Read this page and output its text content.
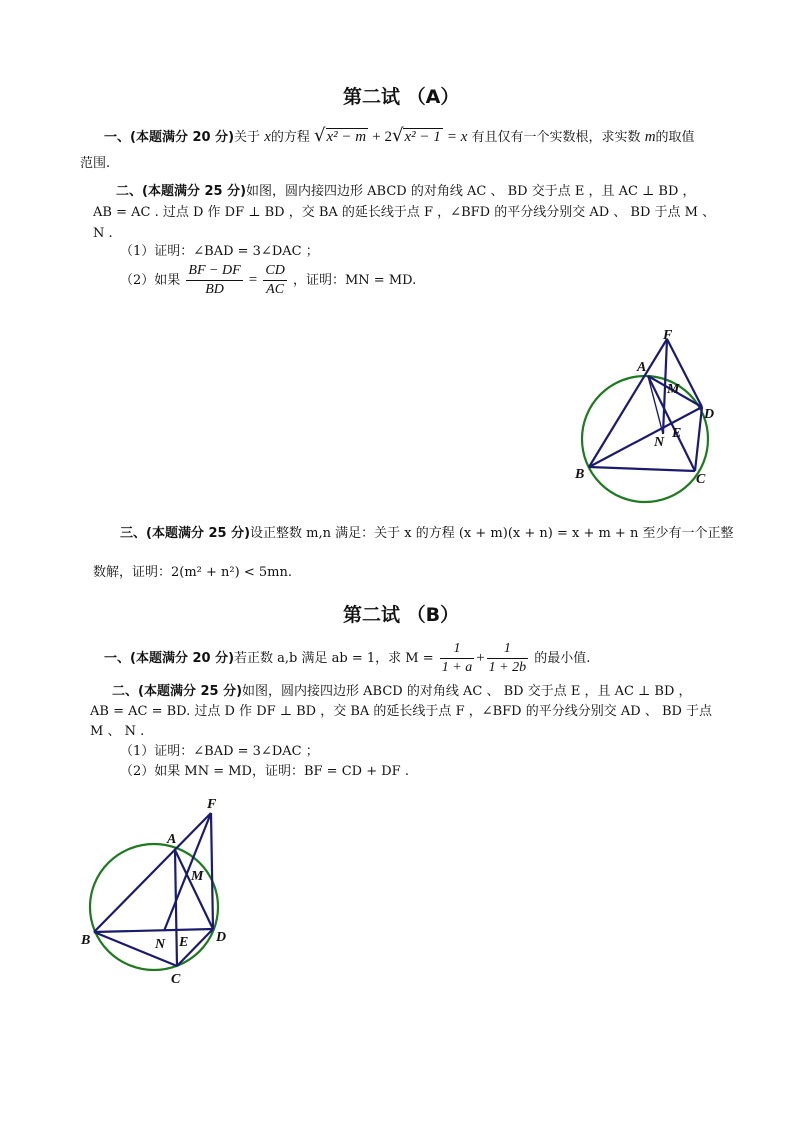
第二试 （A）
一、(本题满分 20 分)关于 x的方程 √x² − m + 2√x² − 1 = x 有且仅有一个实数根，求实数 m的取值
范围.
二、(本题满分 25 分)如图，圆内接四边形 ABCD 的对角线 AC 、 BD 交于点 E ，且 AC ⊥ BD ，
AB = AC . 过点 D 作 DF ⊥ BD ，交 BA 的延长线于点 F ，∠BFD 的平分线分别交 AD 、 BD 于点 M 、
N .
（1）证明：∠BAD = 3∠DAC ；
（2）如果 $\frac{BF - DF}{BD} = \frac{CD}{AC}$ ，证明：MN = MD.
F
A
M
D
E
N
B	C
三、(本题满分 25 分)设正整数 m,n 满足：关于 x 的方程 (x + m)(x + n) = x + m + n 至少有一个正整
数解，证明：2(m² + n²) < 5mn.
第二试 （B）
一、(本题满分 20 分)若正数 a,b 满足 ab = 1，求 $M = \frac{1}{1 + a} + \frac{1}{1 + 2b}$ 的最小值.
二、(本题满分 25 分)如图，圆内接四边形 ABCD 的对角线 AC 、 BD 交于点 E ，且 AC ⊥ BD ，
AB = AC = BD. 过点 D 作 DF ⊥ BD ，交 BA 的延长线于点 F ，∠BFD 的平分线分别交 AD 、 BD 于点
M 、 N .
（1）证明：∠BAD = 3∠DAC ；
（2）如果 MN = MD，证明：BF = CD + DF .
F
A
M
B	N E D
C
